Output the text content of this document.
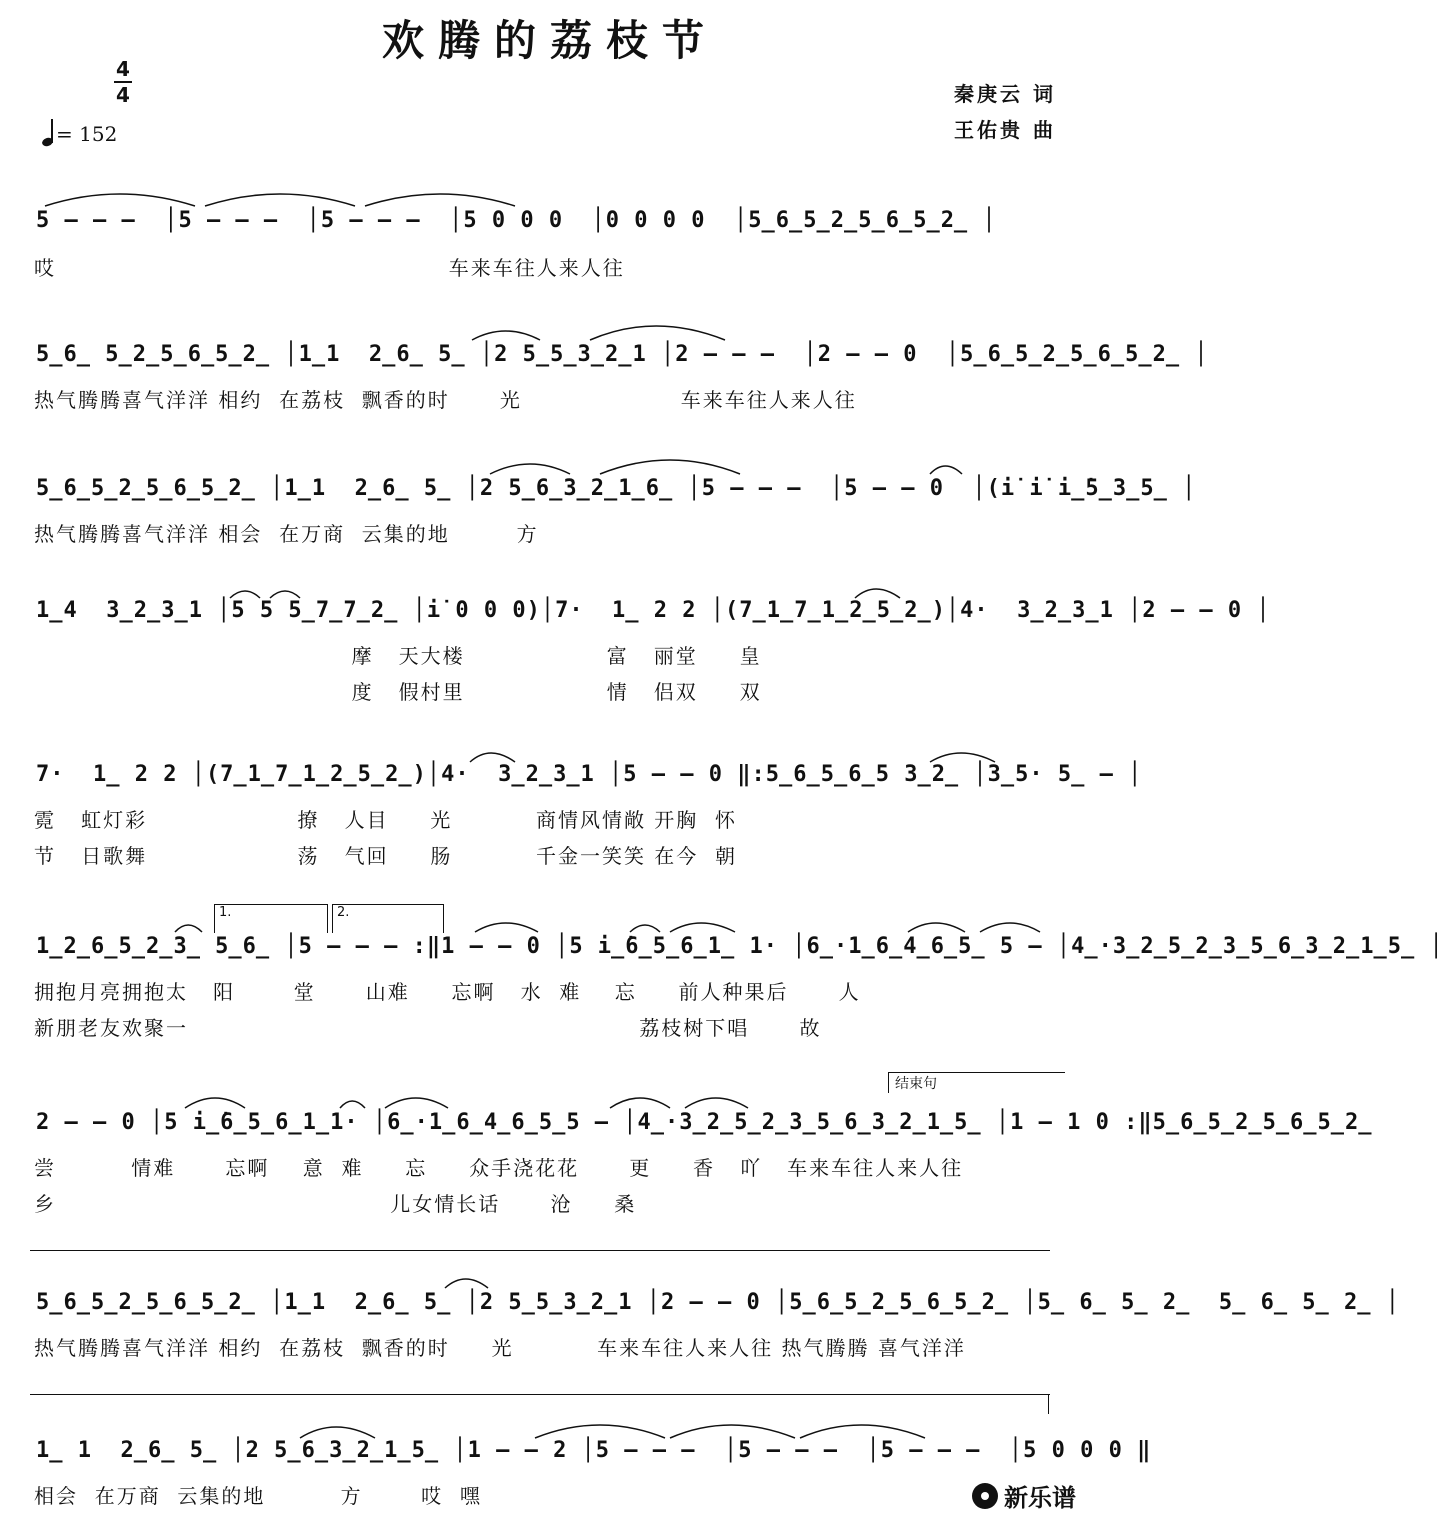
欢腾的荔枝节
4
4
= 152
秦庚云 词
王佑贵 曲
5 – – –  │5 – – –  │5 – – –  │5 0 0 0  │0 0 0 0  │5̲6̲5̲2̲5̲6̲5̲2̲ │
哎                                               车来车往人来人往
5̲6̲ 5̲2̲5̲6̲5̲2̲ │1̲1  2̲6̲ 5̲ │2 5̲5̲3̲2̲1 │2 – – –  │2 – – 0  │5̲6̲5̲2̲5̲6̲5̲2̲ │
热气腾腾喜气洋洋 相约  在荔枝  飘香的时      光                   车来车往人来人往
5̲6̲5̲2̲5̲6̲5̲2̲ │1̲1  2̲6̲ 5̲ │2 5̲6̲3̲2̲1̲6̲ │5 – – –  │5 – – 0  │(i̇ i̇ i̲̇5̲3̲5̲ │
热气腾腾喜气洋洋 相会  在万商  云集的地        方
1̲4  3̲2̲3̲1 │5 5 5̲7̲7̲2̲ │i̇ 0 0 0)│7·  1̲ 2 2 │(7̲1̲7̲1̲2̲5̲2̲)│4·  3̲2̲3̲1 │2 – – 0 │
摩   天大楼                 富   丽堂     皇
度   假村里                 情   侣双     双
7·  1̲ 2 2 │(7̲1̲7̲1̲2̲5̲2̲)│4·  3̲2̲3̲1 │5 – – 0 ‖:5̲6̲5̲6̲5 3̲2̲ │3̲5· 5̲ – │
霓   虹灯彩                  撩   人目     光          商情风情敞 开胸  怀
节   日歌舞                  荡   气回     肠          千金一笑笑 在今  朝
1.	2.
1̲2̲6̲5̲2̲3̲ 5̲6̲ │5 – – – :‖1 – – 0 │5 i̲̇6̲5̲6̲1̲ 1· │6̲·1̲6̲4̲6̲5̲ 5 – │4̲·3̲2̲5̲2̲3̲5̲6̲3̲2̲1̲5̲ │
拥抱月亮拥抱太   阳       堂      山难     忘啊   水  难    忘     前人种果后      人
新朋老友欢聚一                                                      荔枝树下唱      故
结束句
2 – – 0 │5 i̲̇6̲5̲6̲1̲1· │6̲·1̲6̲4̲6̲5̲5 – │4̲·3̲2̲5̲2̲3̲5̲6̲3̲2̲1̲5̲ │1 – 1 0 :‖5̲6̲5̲2̲5̲6̲5̲2̲
尝         情难      忘啊    意  难     忘     众手浇花花      更     香   吖   车来车往人来人往
乡                                        儿女情长话      沧     桑
5̲6̲5̲2̲5̲6̲5̲2̲ │1̲1  2̲6̲ 5̲ │2 5̲5̲3̲2̲1 │2 – – 0 │5̲6̲5̲2̲5̲6̲5̲2̲ │5̲ 6̲ 5̲ 2̲  5̲ 6̲ 5̲ 2̲ │
热气腾腾喜气洋洋 相约  在荔枝  飘香的时     光          车来车往人来人往 热气腾腾 喜气洋洋
1̲ 1  2̲6̲ 5̲ │2 5̲6̲3̲2̲1̲5̲ │1 – – 2 │5 – – –  │5 – – –  │5 – – –  │5 0 0 0 ‖
相会  在万商  云集的地         方       哎  嘿	新乐谱
